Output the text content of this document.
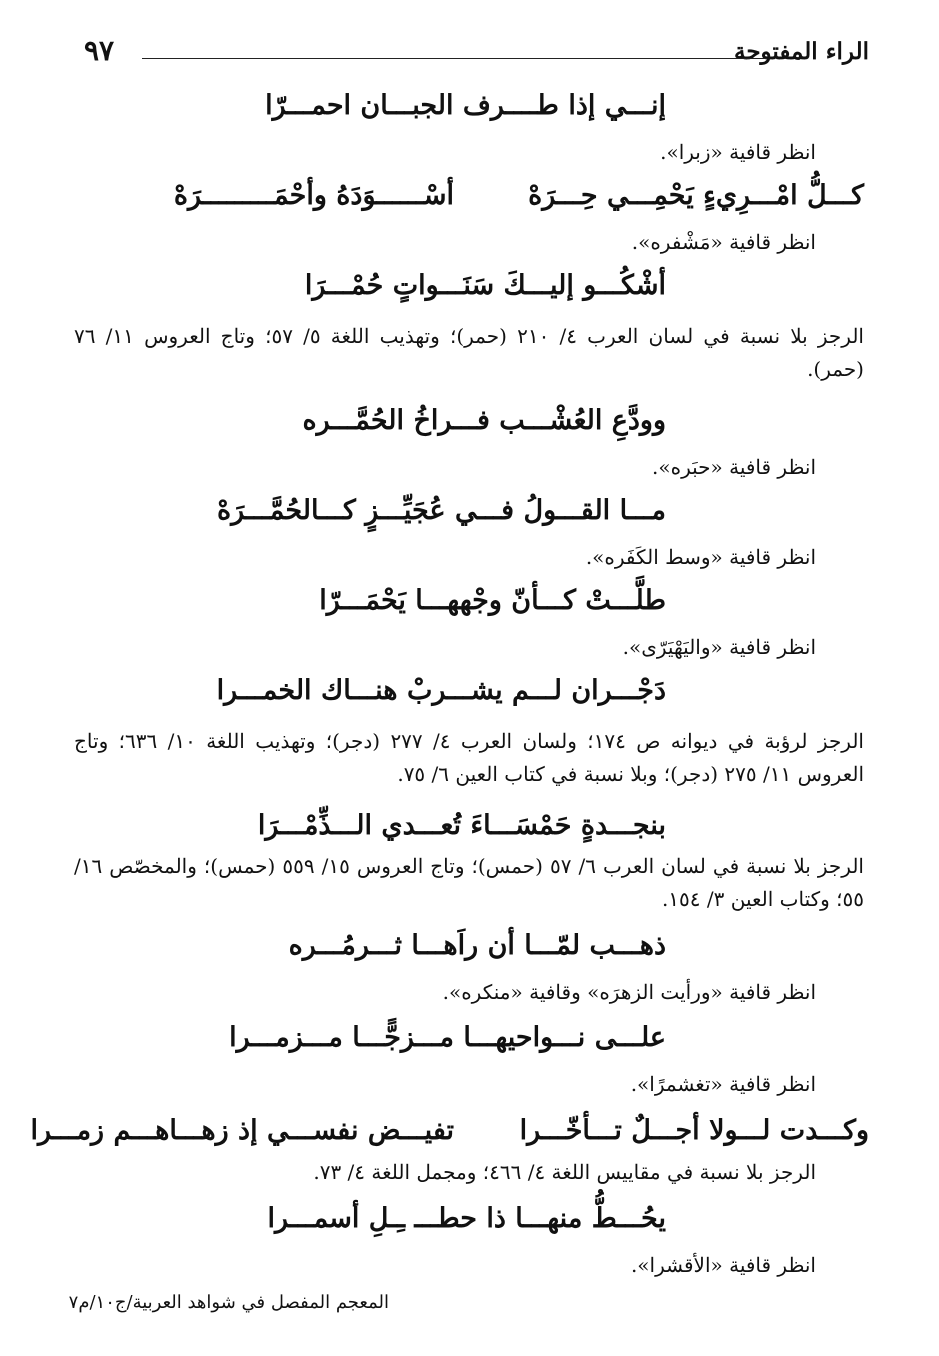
الراء المفتوحة
٩٧
إنـــي إذا طــــرف الجبـــان احمـــرّا
انظر قافية «زبرا».
كـــلُّ امْـــرِيءٍ يَحْمِـــي حِـــرَهْ
أسْــــــوَدَهُ وأحْمَـــــــــرَهْ
انظر قافية «مَشْفره».
أشْكُـــو إليـــكَ سَنَـــواتٍ حُمْـــرَا
الرجز بلا نسبة في لسان العرب ٤/ ٢١٠ (حمر)؛ وتهذيب اللغة ٥/ ٥٧؛ وتاج العروس ١١/ ٧٦ (حمر).
وودَّعِ العُشْـــب فـــراخُ الحُمَّـــره
انظر قافية «حبَره».
مـــا القـــولُ فـــي عُجَيِّـــزٍ كـــالحُمَّـــرَهْ
انظر قافية «وسط الكَفَره».
طلَّـــتْ كـــأنّ وجْههـــا يَحْمَـــرّا
انظر قافية «واليَهْيَرّى».
دَجْـــران لـــم يشـــربْ هنـــاك الخمـــرا
الرجز لرؤبة في ديوانه ص ١٧٤؛ ولسان العرب ٤/ ٢٧٧ (دجر)؛ وتهذيب اللغة ١٠/ ٦٣٦؛ وتاج العروس ١١/ ٢٧٥ (دجر)؛ وبلا نسبة في كتاب العين ٦/ ٧٥.
بنجـــدةٍ حَمْسَـــاءَ تُعـــدي الـــذِّمْـــرَا
الرجز بلا نسبة في لسان العرب ٦/ ٥٧ (حمس)؛ وتاج العروس ١٥/ ٥٥٩ (حمس)؛ والمخصّص ١٦/ ٥٥؛ وكتاب العين ٣/ ١٥٤.
ذهـــب لمّـــا أن راَهـــا ثـــرمُـــره
انظر قافية «ورأيت الزهرَه» وقافية «منكره».
علـــى نـــواحيهـــا مـــزجًّـــا مـــزمـــرا
انظر قافية «تغشمرًا».
وكـــدت لـــولا أجـــلٌ تـــأخّـــرا
تفيـــض نفســـي إذ زهـــاهـــم زمـــرا
الرجز بلا نسبة في مقاييس اللغة ٤/ ٤٦٦؛ ومجمل اللغة ٤/ ٧٣.
يحُـــطُّ منهـــا ذا حطـــ ـِـلِ أسمـــرا
انظر قافية «الأقشرا».
المعجم المفصل في شواهد العربية/ج١٠/م٧
